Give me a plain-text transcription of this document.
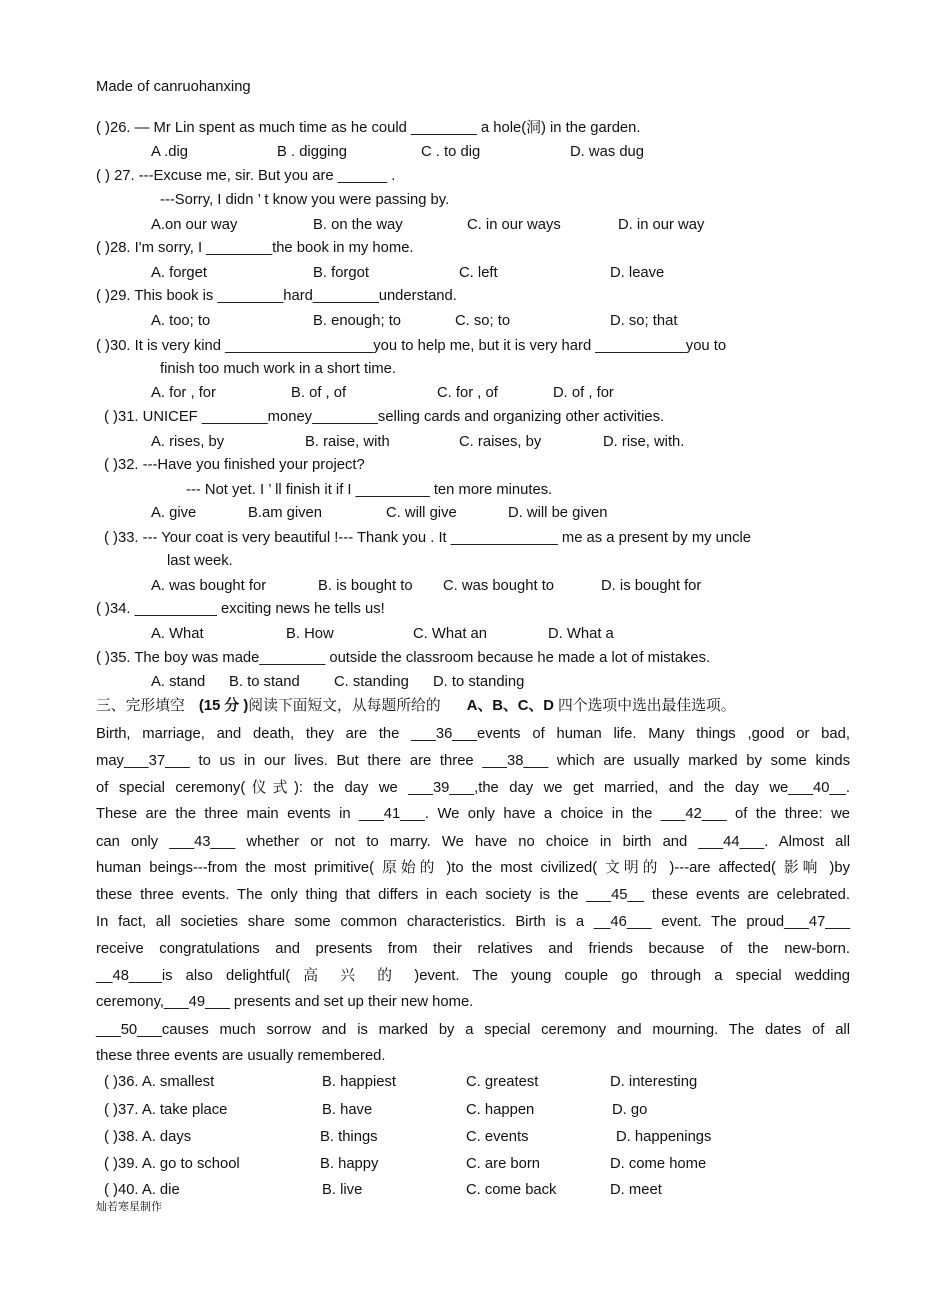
Made of canruohanxing
( )26. — Mr Lin spent as much time as he could ________ a hole(洞) in the garden.
A .dig	B . digging	C . to dig	D. was dug
( ) 27. ---Excuse me, sir. But you are ______ .
---Sorry, I didn ’ t know you were passing by.
A.on our way	B. on the way	C. in our ways	D. in our way
( )28. I'm sorry, I ________the book in my home.
A. forget	B. forgot	C. left	D. leave
( )29. This book is ________hard________understand.
A. too; to	B. enough; to	C. so; to	D. so; that
( )30. It is very kind __________________you to help me, but it is very hard ___________you to
finish too much work in a short time.
A. for , for	B. of , of	C. for , of	D. of , for
( )31. UNICEF ________money________selling cards and organizing other activities.
A. rises, by	B. raise, with	C. raises, by	D. rise, with.
( )32. ---Have you finished your project?
--- Not yet. I ’ ll finish it if I _________ ten more minutes.
A. give	B.am given	C. will give	D. will be given
( )33. --- Your coat is very beautiful !--- Thank you . It _____________ me as a present by my uncle
last week.
A. was bought for	B. is bought to C. was bought to	D. is bought for
( )34. __________ exciting news he tells us!
A. What	B. How	C. What an	D. What a
( )35. The boy was made________ outside the classroom because he made a lot of mistakes.
A. stand B. to stand C. standing D. to standing
三、完形填空 (15 分 )阅读下面短文，从每题所给的 A、B、C、D 四个选项中选出最佳选项。
Birth, marriage, and death, they are the ___36___events of human life. Many things ,good or bad,
may___37___ to us in our lives. But there are three ___38___ which are usually marked by some kinds
of special ceremony(仪式): the day we ___39___,the day we get married, and the day we___40__.
These are the three main events in ___41___. We only have a choice in the ___42___ of the three: we
can only ___43___ whether or not to marry. We have no choice in birth and ___44___. Almost all
human beings---from the most primitive( 原始的 )to the most civilized( 文明的 )---are affected( 影响 )by
these three events. The only thing that differs in each society is the ___45__ these events are celebrated.
In fact, all societies share some common characteristics. Birth is a __46___ event. The proud___47___
receive congratulations and presents from their relatives and friends because of the new-born.
__48____is also delightful( 高 兴 的 )event. The young couple go through a special wedding
ceremony,___49___ presents and set up their new home.
___50___causes much sorrow and is marked by a special ceremony and mourning. The dates of all
these three events are usually remembered.
( )36. A. smallest	B. happiest	C. greatest	D. interesting
( )37. A. take place	B. have	C. happen	D. go
( )38. A. days	B. things	C. events	D. happenings
( )39. A. go to school	B. happy	C. are born	D. come home
( )40. A. die	B. live	C. come back	D. meet
灿若寒星制作
